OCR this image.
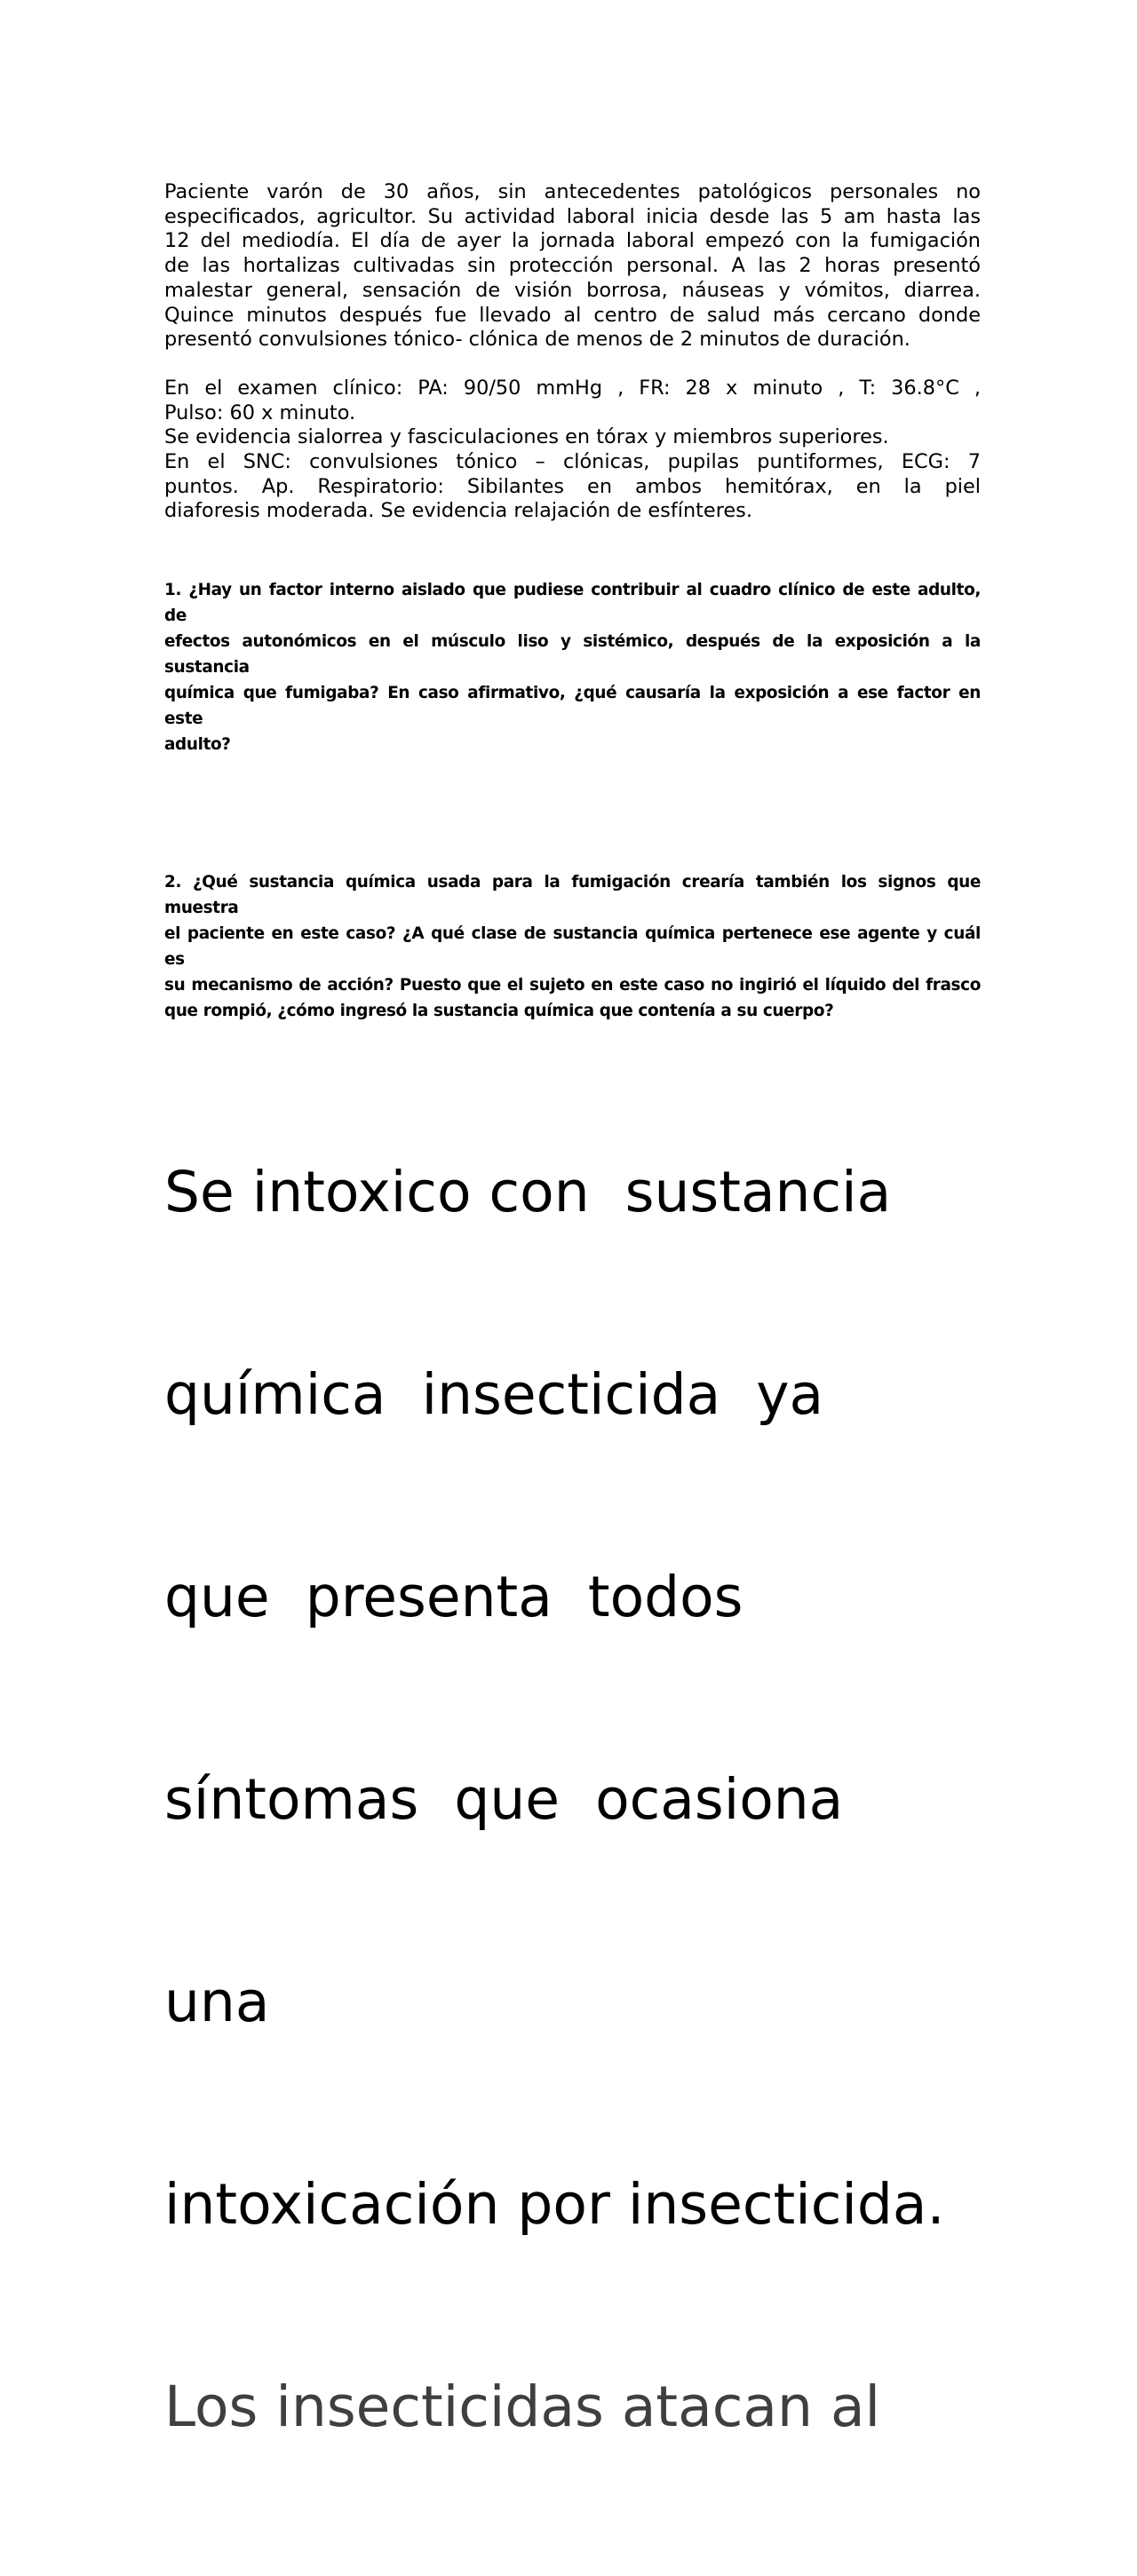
Paciente varón de 30 años, sin antecedentes patológicos personales no
especificados, agricultor. Su actividad laboral inicia desde las 5 am hasta las
12 del mediodía. El día de ayer la jornada laboral empezó con la fumigación
de las hortalizas cultivadas sin protección personal. A las 2 horas presentó
malestar general, sensación de visión borrosa, náuseas y vómitos, diarrea.
Quince minutos después fue llevado al centro de salud más cercano donde
presentó convulsiones tónico- clónica de menos de 2 minutos de duración.
En el examen clínico: PA: 90/50 mmHg , FR: 28 x minuto , T: 36.8°C ,
Pulso: 60 x minuto.
Se evidencia sialorrea y fasciculaciones en tórax y miembros superiores.
En el SNC: convulsiones tónico – clónicas, pupilas puntiformes, ECG: 7
puntos. Ap. Respiratorio: Sibilantes en ambos hemitórax, en la piel
diaforesis moderada. Se evidencia relajación de esfínteres.
1. ¿Hay un factor interno aislado que pudiese contribuir al cuadro clínico de este adulto, de
efectos autonómicos en el músculo liso y sistémico, después de la exposición a la sustancia
química que fumigaba? En caso afirmativo, ¿qué causaría la exposición a ese factor en este
adulto?
2. ¿Qué sustancia química usada para la fumigación crearía también los signos que muestra
el paciente en este caso? ¿A qué clase de sustancia química pertenece ese agente y cuál es
su mecanismo de acción? Puesto que el sujeto en este caso no ingirió el líquido del frasco
que rompió, ¿cómo ingresó la sustancia química que contenía a su cuerpo?

Se intoxico con  sustancia

química  insecticida  ya

que  presenta  todos

síntomas  que  ocasiona

una

intoxicación por insecticida.

Los insecticidas atacan al
